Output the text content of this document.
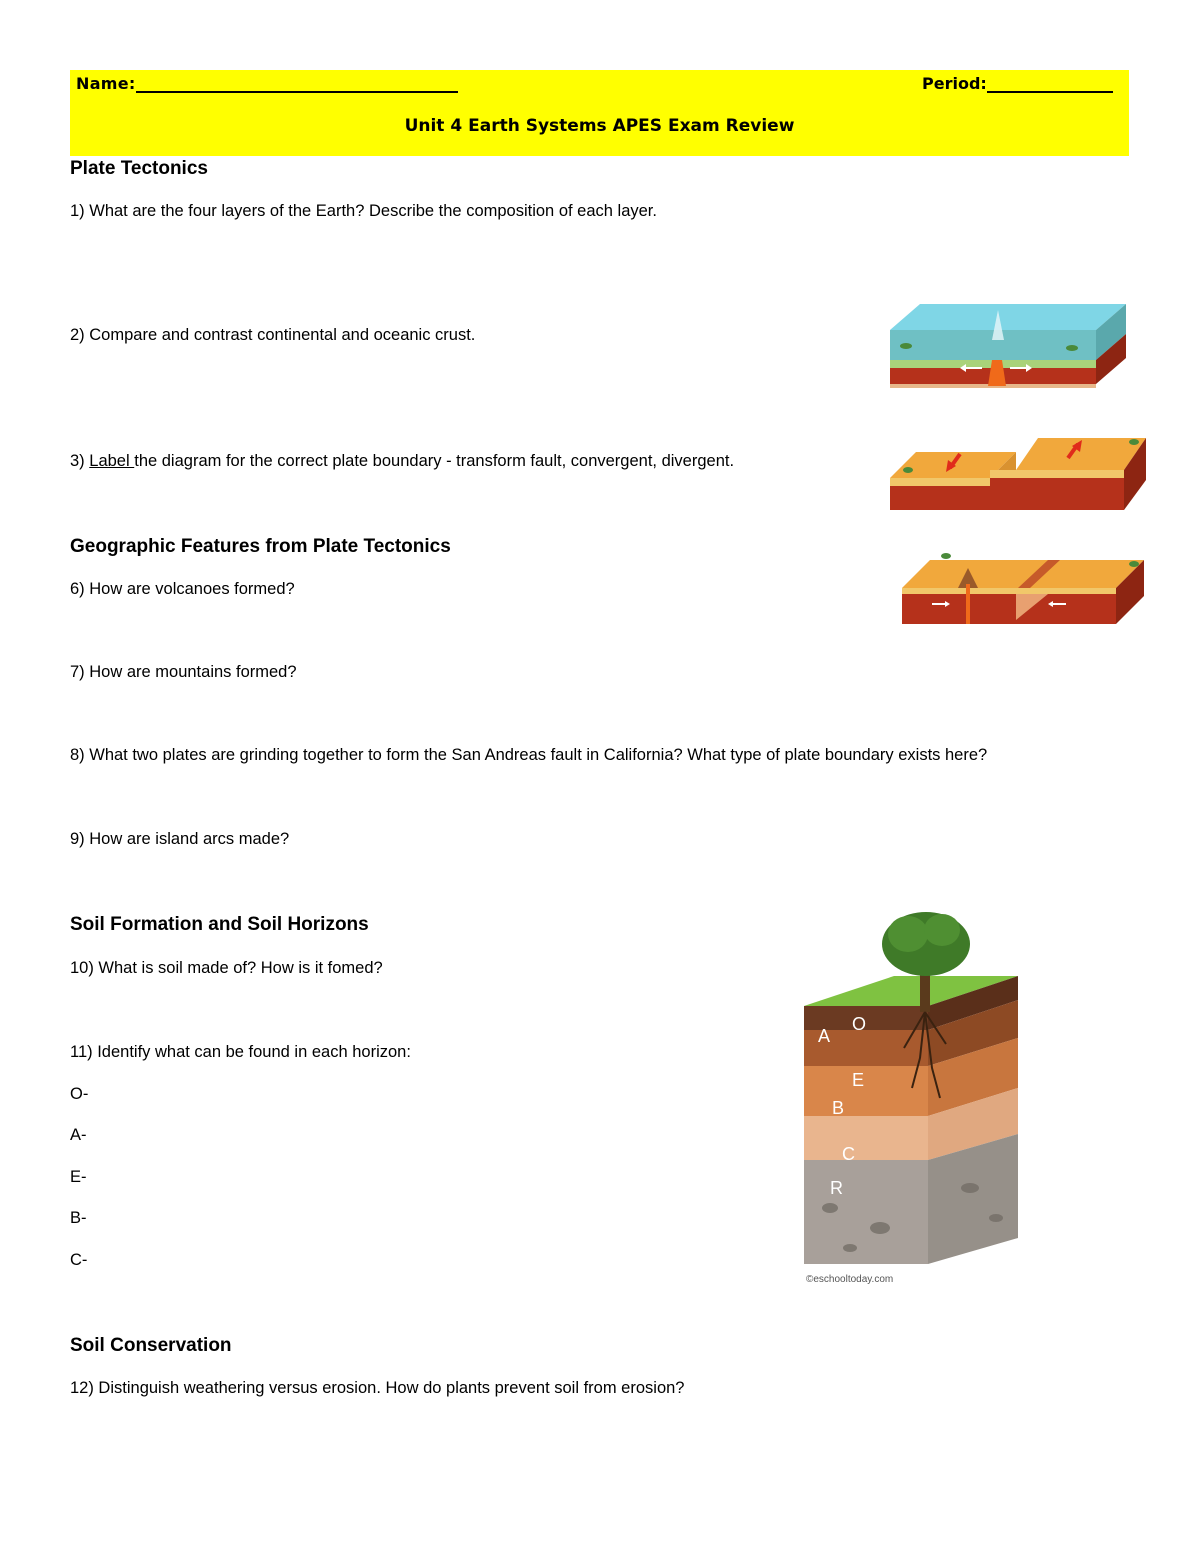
Name:	Period:
Unit 4 Earth Systems APES Exam Review
Plate Tectonics
1) What are the four layers of the Earth? Describe the composition of each layer.
2) Compare and contrast continental and oceanic crust.
3) Label the diagram for the correct plate boundary - transform fault, convergent, divergent.
Geographic Features from Plate Tectonics
6) How are volcanoes formed?
7) How are mountains formed?
8) What two plates are grinding together to form the San Andreas fault in California? What type of plate boundary exists here?
9) How are island arcs made?
Soil Formation and Soil Horizons
10) What is soil made of? How is it fomed?
11) Identify what can be found in each horizon:
O-
A-
E-
B-
C-
Soil Conservation
12) Distinguish weathering versus erosion. How do plants prevent soil from erosion?
O
A
E
B
C
R
©eschooltoday.com
